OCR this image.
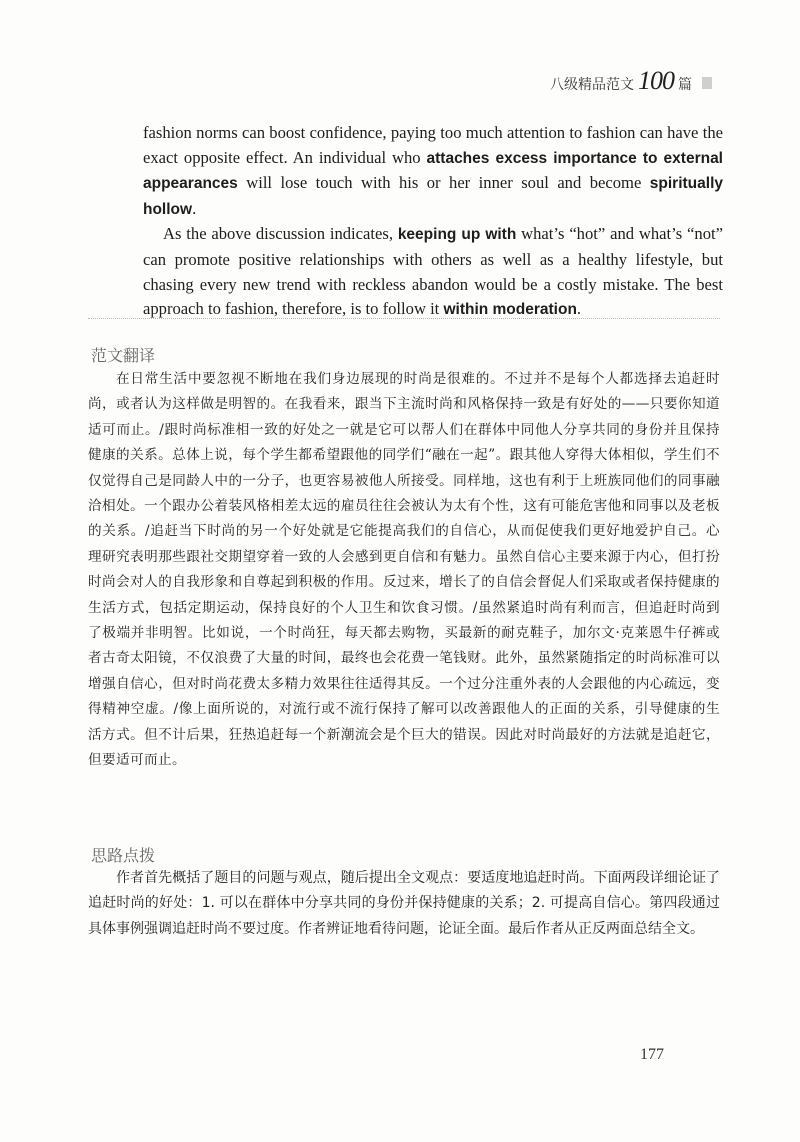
八级精品范文 100 篇

fashion norms can boost confidence, paying too much attention to fashion can have the exact opposite effect. An individual who attaches excess importance to external appearances will lose touch with his or her inner soul and become spiritually hollow.

As the above discussion indicates, keeping up with what’s “hot” and what’s “not” can promote positive relationships with others as well as a healthy lifestyle, but chasing every new trend with reckless abandon would be a costly mistake. The best approach to fashion, therefore, is to follow it within moderation.

范文翻译

在日常生活中要忽视不断地在我们身边展现的时尚是很难的。不过并不是每个人都选择去追赶时尚，或者认为这样做是明智的。在我看来，跟当下主流时尚和风格保持一致是有好处的——只要你知道适可而止。/跟时尚标准相一致的好处之一就是它可以帮人们在群体中同他人分享共同的身份并且保持健康的关系。总体上说，每个学生都希望跟他的同学们“融在一起”。跟其他人穿得大体相似，学生们不仅觉得自己是同龄人中的一分子，也更容易被他人所接受。同样地，这也有利于上班族同他们的同事融洽相处。一个跟办公着装风格相差太远的雇员往往会被认为太有个性，这有可能危害他和同事以及老板的关系。/追赶当下时尚的另一个好处就是它能提高我们的自信心，从而促使我们更好地爱护自己。心理研究表明那些跟社交期望穿着一致的人会感到更自信和有魅力。虽然自信心主要来源于内心，但打扮时尚会对人的自我形象和自尊起到积极的作用。反过来，增长了的自信会督促人们采取或者保持健康的生活方式，包括定期运动，保持良好的个人卫生和饮食习惯。/虽然紧追时尚有利而言，但追赶时尚到了极端并非明智。比如说，一个时尚狂，每天都去购物，买最新的耐克鞋子，加尔文·克莱恩牛仔裤或者古奇太阳镜，不仅浪费了大量的时间，最终也会花费一笔钱财。此外，虽然紧随指定的时尚标准可以增强自信心，但对时尚花费太多精力效果往往适得其反。一个过分注重外表的人会跟他的内心疏远，变得精神空虚。/像上面所说的，对流行或不流行保持了解可以改善跟他人的正面的关系，引导健康的生活方式。但不计后果，狂热追赶每一个新潮流会是个巨大的错误。因此对时尚最好的方法就是追赶它，但要适可而止。

思路点拨

作者首先概括了题目的问题与观点，随后提出全文观点：要适度地追赶时尚。下面两段详细论证了追赶时尚的好处：1. 可以在群体中分享共同的身份并保持健康的关系；2. 可提高自信心。第四段通过具体事例强调追赶时尚不要过度。作者辨证地看待问题，论证全面。最后作者从正反两面总结全文。

177
